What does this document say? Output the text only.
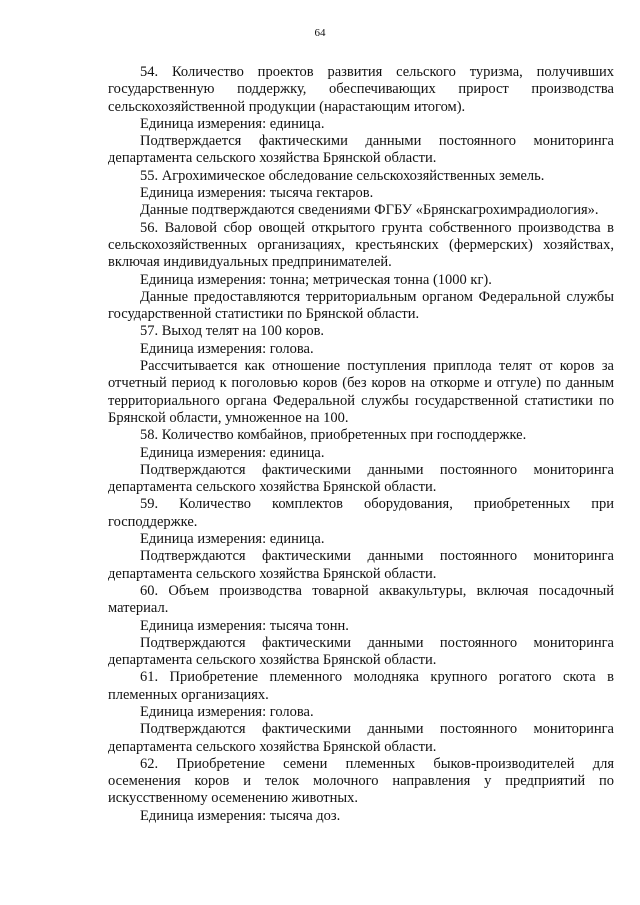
64

54. Количество проектов развития сельского туризма, получивших государственную поддержку, обеспечивающих прирост производства сельскохозяйственной продукции (нарастающим итогом).

Единица измерения: единица.

Подтверждается фактическими данными постоянного мониторинга департамента сельского хозяйства Брянской области.

55. Агрохимическое обследование сельскохозяйственных земель.

Единица измерения: тысяча гектаров.

Данные подтверждаются сведениями ФГБУ «Брянскагрохимрадиология».

56. Валовой сбор овощей открытого грунта собственного производства в сельскохозяйственных организациях, крестьянских (фермерских) хозяйствах, включая индивидуальных предпринимателей.

Единица измерения: тонна; метрическая тонна (1000 кг).

Данные предоставляются территориальным органом Федеральной службы государственной статистики по Брянской области.

57. Выход телят на 100 коров.

Единица измерения: голова.

Рассчитывается как отношение поступления приплода телят от коров за отчетный период к поголовью коров (без коров на откорме и отгуле) по данным территориального органа Федеральной службы государственной статистики по Брянской области, умноженное на 100.

58. Количество комбайнов, приобретенных при господдержке.

Единица измерения: единица.

Подтверждаются фактическими данными постоянного мониторинга департамента сельского хозяйства Брянской области.

59. Количество комплектов оборудования, приобретенных при господдержке.

Единица измерения: единица.

Подтверждаются фактическими данными постоянного мониторинга департамента сельского хозяйства Брянской области.

60. Объем производства товарной аквакультуры, включая посадочный материал.

Единица измерения: тысяча тонн.

Подтверждаются фактическими данными постоянного мониторинга департамента сельского хозяйства Брянской области.

61. Приобретение племенного молодняка крупного рогатого скота в племенных организациях.

Единица измерения: голова.

Подтверждаются фактическими данными постоянного мониторинга департамента сельского хозяйства Брянской области.

62. Приобретение семени племенных быков-производителей для осеменения коров и телок молочного направления у предприятий по искусственному осеменению животных.

Единица измерения: тысяча доз.
